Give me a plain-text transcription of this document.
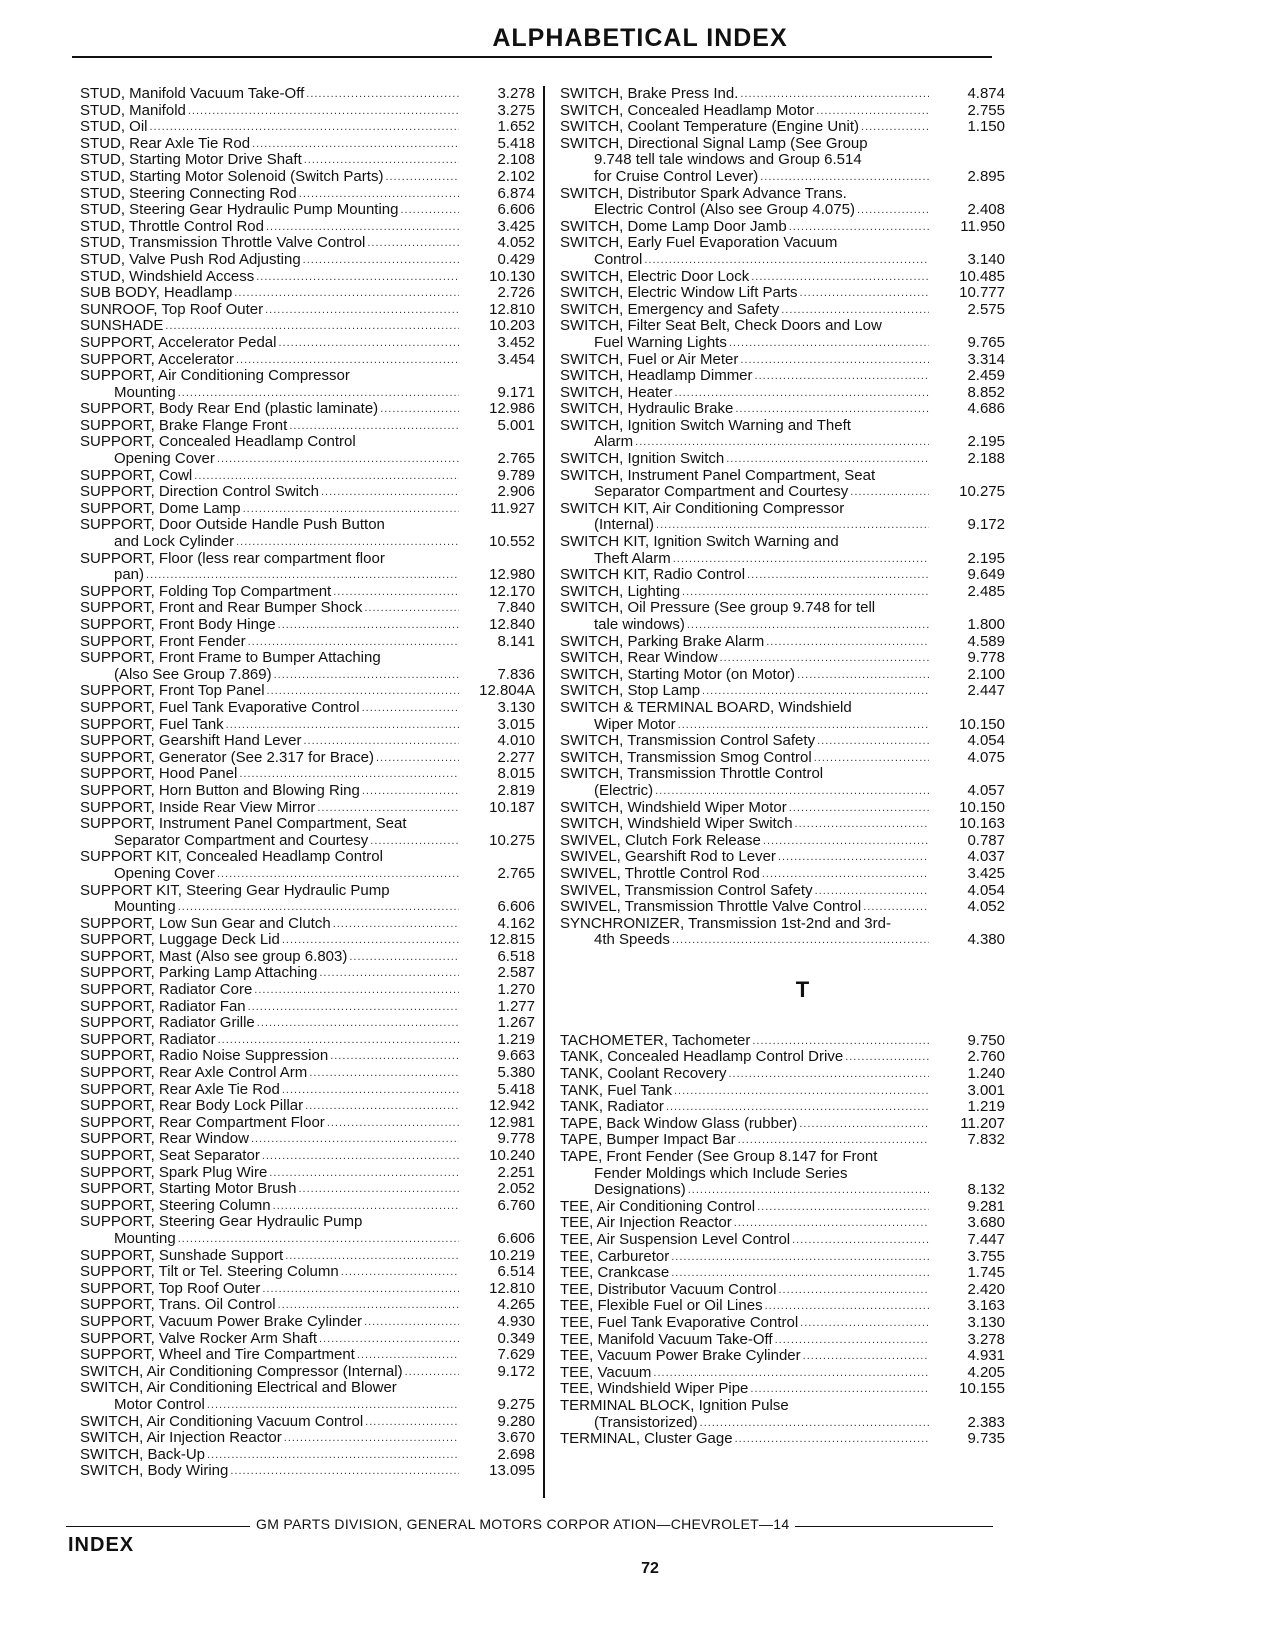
ALPHABETICAL INDEX
STUD, Manifold Vacuum Take-Off .....	3.278
STUD, Manifold .....	3.275
STUD, Oil .....	1.652
STUD, Rear Axle Tie Rod .....	5.418
STUD, Starting Motor Drive Shaft .....	2.108
STUD, Starting Motor Solenoid (Switch Parts) .....	2.102
STUD, Steering Connecting Rod .....	6.874
STUD, Steering Gear Hydraulic Pump Mounting .....	6.606
STUD, Throttle Control Rod .....	3.425
STUD, Transmission Throttle Valve Control .....	4.052
STUD, Valve Push Rod Adjusting .....	0.429
STUD, Windshield Access .....	10.130
SUB BODY, Headlamp .....	2.726
SUNROOF, Top Roof Outer .....	12.810
SUNSHADE .....	10.203
SUPPORT, Accelerator Pedal .....	3.452
SUPPORT, Accelerator .....	3.454
SUPPORT, Air Conditioning Compressor
Mounting .....	9.171
SUPPORT, Body Rear End (plastic laminate) .....	12.986
SUPPORT, Brake Flange Front .....	5.001
SUPPORT, Concealed Headlamp Control
Opening Cover .....	2.765
SUPPORT, Cowl .....	9.789
SUPPORT, Direction Control Switch .....	2.906
SUPPORT, Dome Lamp .....	11.927
SUPPORT, Door Outside Handle Push Button
and Lock Cylinder .....	10.552
SUPPORT, Floor (less rear compartment floor
pan) .....	12.980
SUPPORT, Folding Top Compartment .....	12.170
SUPPORT, Front and Rear Bumper Shock .....	7.840
SUPPORT, Front Body Hinge .....	12.840
SUPPORT, Front Fender .....	8.141
SUPPORT, Front Frame to Bumper Attaching
(Also See Group 7.869) .....	7.836
SUPPORT, Front Top Panel .....	12.804A
SUPPORT, Fuel Tank Evaporative Control .....	3.130
SUPPORT, Fuel Tank .....	3.015
SUPPORT, Gearshift Hand Lever .....	4.010
SUPPORT, Generator (See 2.317 for Brace) .....	2.277
SUPPORT, Hood Panel .....	8.015
SUPPORT, Horn Button and Blowing Ring .....	2.819
SUPPORT, Inside Rear View Mirror .....	10.187
SUPPORT, Instrument Panel Compartment, Seat
Separator Compartment and Courtesy .....	10.275
SUPPORT KIT, Concealed Headlamp Control
Opening Cover .....	2.765
SUPPORT KIT, Steering Gear Hydraulic Pump
Mounting .....	6.606
SUPPORT, Low Sun Gear and Clutch .....	4.162
SUPPORT, Luggage Deck Lid .....	12.815
SUPPORT, Mast (Also see group 6.803) .....	6.518
SUPPORT, Parking Lamp Attaching .....	2.587
SUPPORT, Radiator Core .....	1.270
SUPPORT, Radiator Fan .....	1.277
SUPPORT, Radiator Grille .....	1.267
SUPPORT, Radiator .....	1.219
SUPPORT, Radio Noise Suppression .....	9.663
SUPPORT, Rear Axle Control Arm .....	5.380
SUPPORT, Rear Axle Tie Rod .....	5.418
SUPPORT, Rear Body Lock Pillar .....	12.942
SUPPORT, Rear Compartment Floor .....	12.981
SUPPORT, Rear Window .....	9.778
SUPPORT, Seat Separator .....	10.240
SUPPORT, Spark Plug Wire .....	2.251
SUPPORT, Starting Motor Brush .....	2.052
SUPPORT, Steering Column .....	6.760
SUPPORT, Steering Gear Hydraulic Pump
Mounting .....	6.606
SUPPORT, Sunshade Support .....	10.219
SUPPORT, Tilt or Tel. Steering Column .....	6.514
SUPPORT, Top Roof Outer .....	12.810
SUPPORT, Trans. Oil Control .....	4.265
SUPPORT, Vacuum Power Brake Cylinder .....	4.930
SUPPORT, Valve Rocker Arm Shaft .....	0.349
SUPPORT, Wheel and Tire Compartment .....	7.629
SWITCH, Air Conditioning Compressor (Internal) .....	9.172
SWITCH, Air Conditioning Electrical and Blower
Motor Control .....	9.275
SWITCH, Air Conditioning Vacuum Control .....	9.280
SWITCH, Air Injection Reactor .....	3.670
SWITCH, Back-Up .....	2.698
SWITCH, Body Wiring .....	13.095
SWITCH, Brake Press Ind. .....	4.874
SWITCH, Concealed Headlamp Motor .....	2.755
SWITCH, Coolant Temperature (Engine Unit) .....	1.150
SWITCH, Directional Signal Lamp (See Group
9.748 tell tale windows and Group 6.514
for Cruise Control Lever) .....	2.895
SWITCH, Distributor Spark Advance Trans.
Electric Control (Also see Group 4.075) .....	2.408
SWITCH, Dome Lamp Door Jamb .....	11.950
SWITCH, Early Fuel Evaporation Vacuum
Control .....	3.140
SWITCH, Electric Door Lock .....	10.485
SWITCH, Electric Window Lift Parts .....	10.777
SWITCH, Emergency and Safety .....	2.575
SWITCH, Filter Seat Belt, Check Doors and Low
Fuel Warning Lights .....	9.765
SWITCH, Fuel or Air Meter .....	3.314
SWITCH, Headlamp Dimmer .....	2.459
SWITCH, Heater .....	8.852
SWITCH, Hydraulic Brake .....	4.686
SWITCH, Ignition Switch Warning and Theft
Alarm .....	2.195
SWITCH, Ignition Switch .....	2.188
SWITCH, Instrument Panel Compartment, Seat
Separator Compartment and Courtesy .....	10.275
SWITCH KIT, Air Conditioning Compressor
(Internal) .....	9.172
SWITCH KIT, Ignition Switch Warning and
Theft Alarm .....	2.195
SWITCH KIT, Radio Control .....	9.649
SWITCH, Lighting .....	2.485
SWITCH, Oil Pressure (See group 9.748 for tell
tale windows) .....	1.800
SWITCH, Parking Brake Alarm .....	4.589
SWITCH, Rear Window .....	9.778
SWITCH, Starting Motor (on Motor) .....	2.100
SWITCH, Stop Lamp .....	2.447
SWITCH & TERMINAL BOARD, Windshield
Wiper Motor .....	10.150
SWITCH, Transmission Control Safety .....	4.054
SWITCH, Transmission Smog Control .....	4.075
SWITCH, Transmission Throttle Control
(Electric) .....	4.057
SWITCH, Windshield Wiper Motor .....	10.150
SWITCH, Windshield Wiper Switch .....	10.163
SWIVEL, Clutch Fork Release .....	0.787
SWIVEL, Gearshift Rod to Lever .....	4.037
SWIVEL, Throttle Control Rod .....	3.425
SWIVEL, Transmission Control Safety .....	4.054
SWIVEL, Transmission Throttle Valve Control .....	4.052
SYNCHRONIZER, Transmission 1st-2nd and 3rd-
4th Speeds .....	4.380
T
TACHOMETER, Tachometer .....	9.750
TANK, Concealed Headlamp Control Drive .....	2.760
TANK, Coolant Recovery .....	1.240
TANK, Fuel Tank .....	3.001
TANK, Radiator .....	1.219
TAPE, Back Window Glass (rubber) .....	11.207
TAPE, Bumper Impact Bar .....	7.832
TAPE, Front Fender (See Group 8.147 for Front
Fender Moldings which Include Series
Designations) .....	8.132
TEE, Air Conditioning Control .....	9.281
TEE, Air Injection Reactor .....	3.680
TEE, Air Suspension Level Control .....	7.447
TEE, Carburetor .....	3.755
TEE, Crankcase .....	1.745
TEE, Distributor Vacuum Control .....	2.420
TEE, Flexible Fuel or Oil Lines .....	3.163
TEE, Fuel Tank Evaporative Control .....	3.130
TEE, Manifold Vacuum Take-Off .....	3.278
TEE, Vacuum Power Brake Cylinder .....	4.931
TEE, Vacuum .....	4.205
TEE, Windshield Wiper Pipe .....	10.155
TERMINAL BLOCK, Ignition Pulse
(Transistorized) .....	2.383
TERMINAL, Cluster Gage .....	9.735
GM PARTS DIVISION, GENERAL MOTORS CORPOR ATION—CHEVROLET—14
INDEX
72
